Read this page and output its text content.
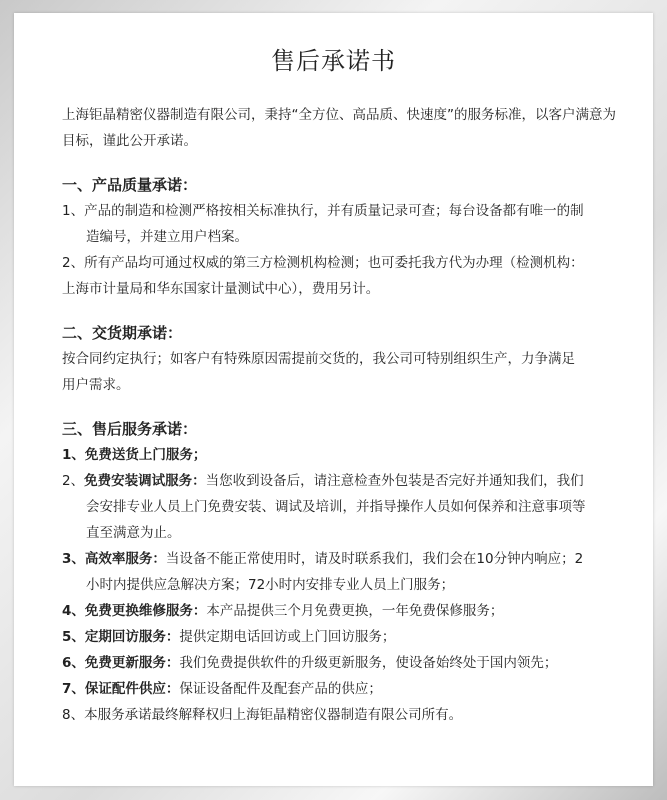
售后承诺书

上海钜晶精密仪器制造有限公司，秉持“全方位、高品质、快速度”的服务标准，以客户满意为目标，谨此公开承诺。

一、产品质量承诺：

1、产品的制造和检测严格按相关标准执行，并有质量记录可查；每台设备都有唯一的制

造编号，并建立用户档案。

2、所有产品均可通过权威的第三方检测机构检测；也可委托我方代为办理（检测机构：

上海市计量局和华东国家计量测试中心），费用另计。

二、交货期承诺：

按合同约定执行；如客户有特殊原因需提前交货的，我公司可特别组织生产，力争满足

用户需求。

三、售后服务承诺：

1、免费送货上门服务；

2、免费安装调试服务：当您收到设备后，请注意检查外包装是否完好并通知我们，我们

会安排专业人员上门免费安装、调试及培训，并指导操作人员如何保养和注意事项等

直至满意为止。

3、高效率服务：当设备不能正常使用时，请及时联系我们，我们会在10分钟内响应；2

小时内提供应急解决方案；72小时内安排专业人员上门服务；

4、免费更换维修服务：本产品提供三个月免费更换，一年免费保修服务；

5、定期回访服务：提供定期电话回访或上门回访服务；

6、免费更新服务：我们免费提供软件的升级更新服务，使设备始终处于国内领先；

7、保证配件供应：保证设备配件及配套产品的供应；

8、本服务承诺最终解释权归上海钜晶精密仪器制造有限公司所有。
